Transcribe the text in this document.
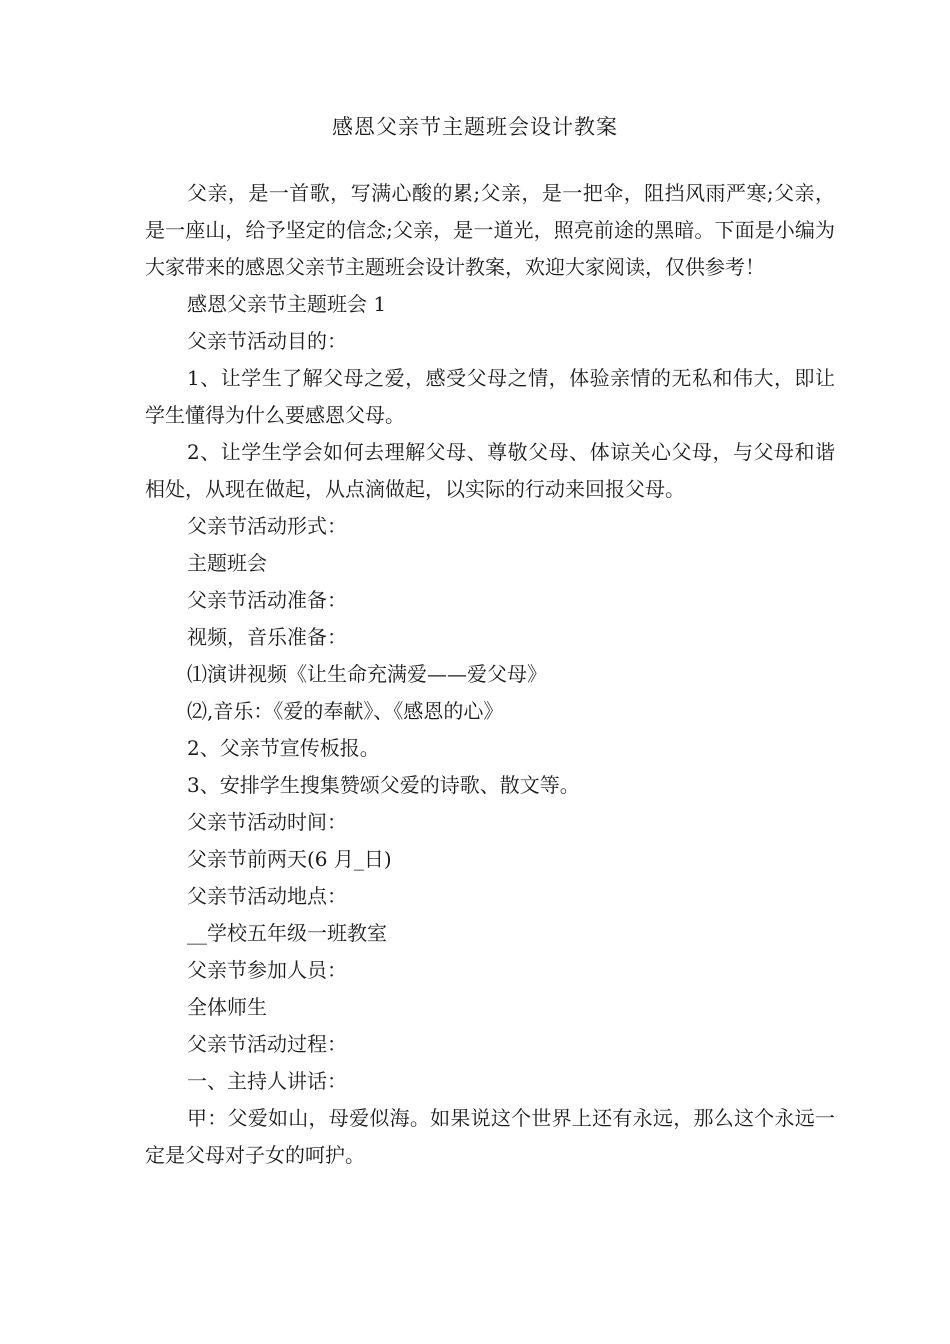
感恩父亲节主题班会设计教案

父亲，是一首歌，写满心酸的累;父亲，是一把伞，阻挡风雨严寒;父亲，是一座山，给予坚定的信念;父亲，是一道光，照亮前途的黑暗。下面是小编为大家带来的感恩父亲节主题班会设计教案，欢迎大家阅读，仅供参考！

感恩父亲节主题班会 1

父亲节活动目的：

1、让学生了解父母之爱，感受父母之情，体验亲情的无私和伟大，即让学生懂得为什么要感恩父母。

2、让学生学会如何去理解父母、尊敬父母、体谅关心父母，与父母和谐相处，从现在做起，从点滴做起，以实际的行动来回报父母。

父亲节活动形式：

主题班会

父亲节活动准备：

视频，音乐准备：

⑴演讲视频《让生命充满爱——爱父母》

⑵,音乐：《爱的奉献》、《感恩的心》

2、父亲节宣传板报。

3、安排学生搜集赞颂父爱的诗歌、散文等。

父亲节活动时间：

父亲节前两天(6 月_日)

父亲节活动地点：

__学校五年级一班教室

父亲节参加人员：

全体师生

父亲节活动过程：

一、主持人讲话：

甲：父爱如山，母爱似海。如果说这个世界上还有永远，那么这个永远一定是父母对子女的呵护。
